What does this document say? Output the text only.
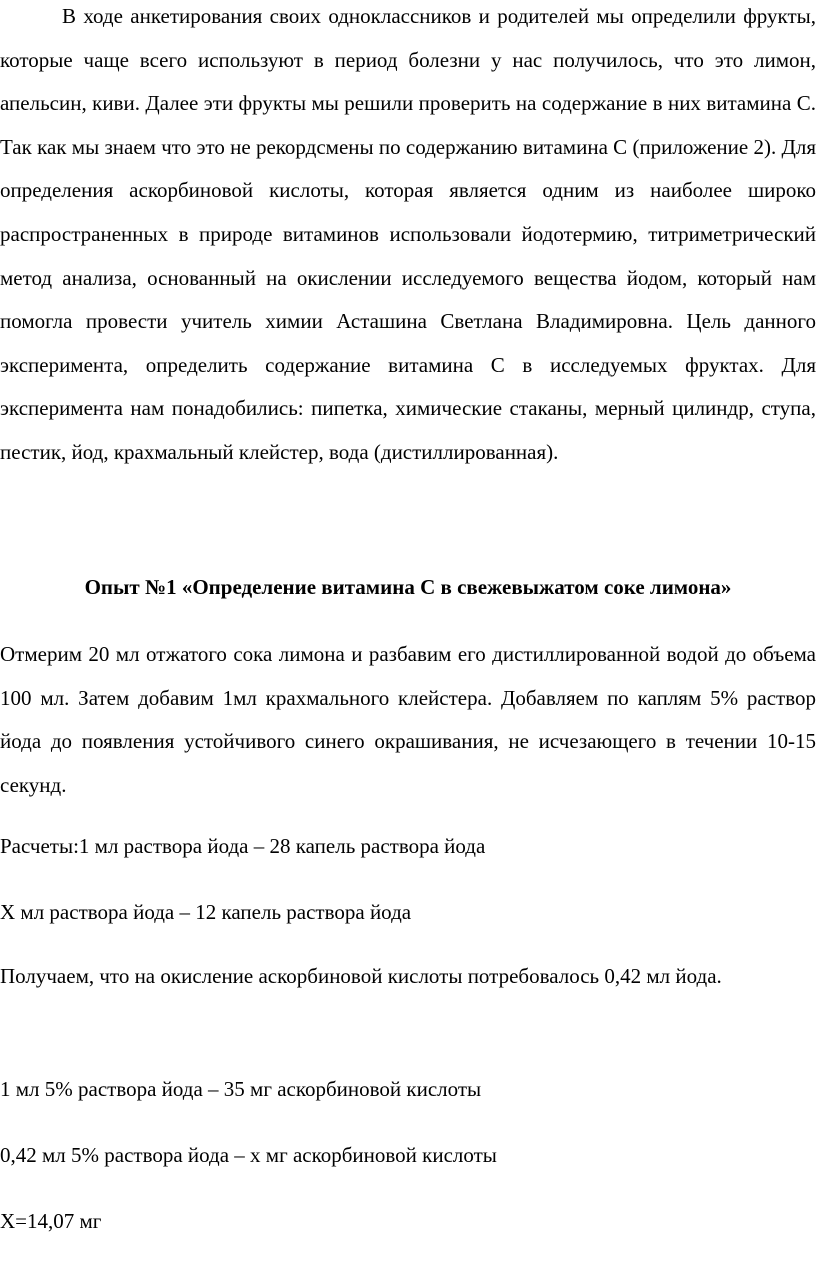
В ходе анкетирования своих одноклассников и родителей мы определили фрукты, которые чаще всего используют в период болезни у нас получилось, что это лимон, апельсин, киви. Далее эти фрукты мы решили проверить на содержание в них витамина С. Так как мы знаем что это не рекордсмены по содержанию витамина С (приложение 2). Для определения аскорбиновой кислоты, которая является одним из наиболее широко распространенных в природе витаминов использовали йодотермию, титриметрический метод анализа, основанный на окислении исследуемого вещества йодом, который нам помогла провести учитель химии Асташина Светлана Владимировна. Цель данного эксперимента, определить содержание витамина С в исследуемых фруктах. Для эксперимента нам понадобились: пипетка, химические стаканы, мерный цилиндр, ступа, пестик, йод, крахмальный клейстер, вода (дистиллированная).

Опыт №1 «Определение витамина С в свежевыжатом соке лимона»

Отмерим 20 мл отжатого сока лимона и разбавим его дистиллированной водой до объема 100 мл. Затем добавим 1мл крахмального клейстера. Добавляем по каплям 5% раствор йода до появления устойчивого синего окрашивания, не исчезающего в течении 10-15 секунд.

Расчеты:1 мл раствора йода – 28 капель раствора йода

Х мл раствора йода – 12 капель раствора йода

Получаем, что на окисление аскорбиновой кислоты потребовалось 0,42 мл йода.

1 мл 5% раствора йода – 35 мг аскорбиновой кислоты

0,42 мл 5% раствора йода – х мг аскорбиновой кислоты

Х=14,07 мг
